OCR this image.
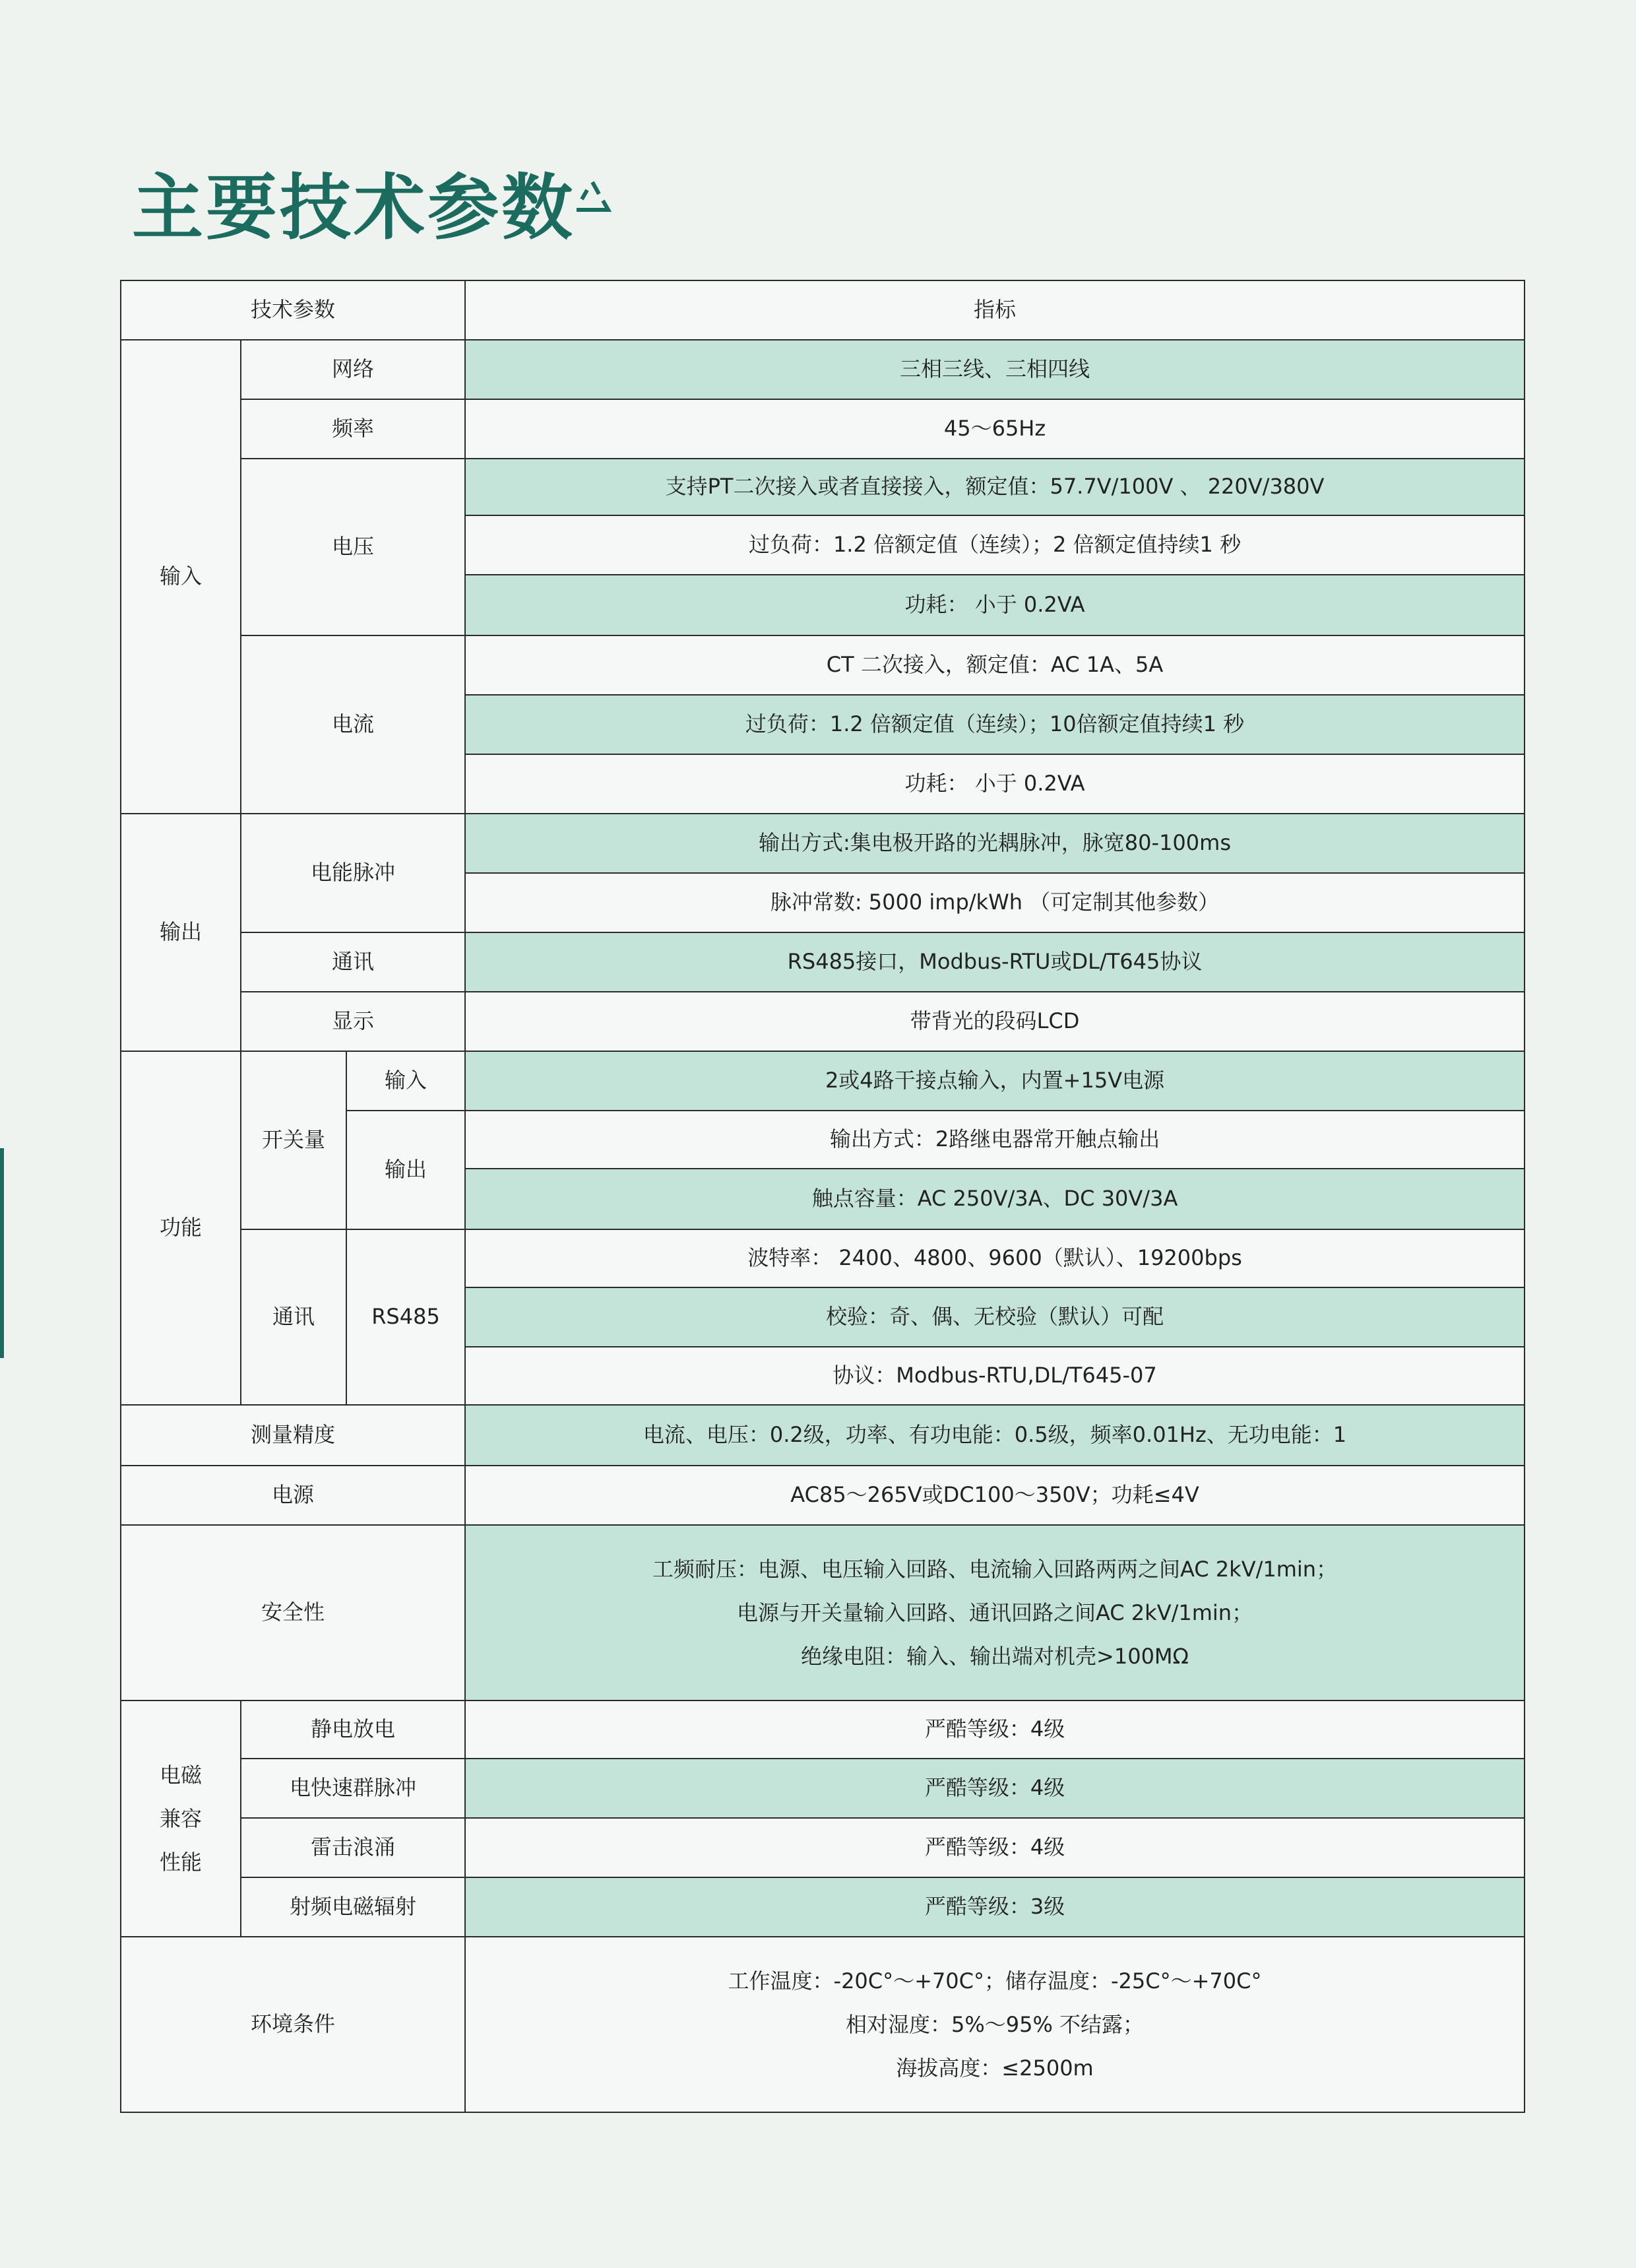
主要技术参数
技术参数			指标
输入	网络		三相三线、三相四线
	频率		45～65Hz
	电压		支持PT二次接入或者直接接入，额定值：57.7V/100V 、 220V/380V
			过负荷：1.2 倍额定值（连续）；2 倍额定值持续1 秒
			功耗： 小于 0.2VA
	电流		CT 二次接入，额定值：AC 1A、5A
			过负荷：1.2 倍额定值（连续）；10倍额定值持续1 秒
			功耗： 小于 0.2VA
输出	电能脉冲		输出方式:集电极开路的光耦脉冲，脉宽80-100ms
			脉冲常数: 5000 imp/kWh （可定制其他参数）
	通讯		RS485接口，Modbus-RTU或DL/T645协议
	显示		带背光的段码LCD
功能	开关量	输入	2或4路干接点输入，内置+15V电源
		输出	输出方式：2路继电器常开触点输出
			触点容量：AC 250V/3A、DC 30V/3A
	通讯	RS485	波特率： 2400、4800、9600（默认）、19200bps
			校验：奇、偶、无校验（默认）可配
			协议：Modbus-RTU,DL/T645-07
测量精度			电流、电压：0.2级，功率、有功电能：0.5级，频率0.01Hz、无功电能：1
电源			AC85～265V或DC100～350V；功耗≤4V
安全性			工频耐压：电源、电压输入回路、电流输入回路两两之间AC 2kV/1min；
电源与开关量输入回路、通讯回路之间AC 2kV/1min；
绝缘电阻：输入、输出端对机壳>100MΩ

电磁
兼容
性能	静电放电		严酷等级：4级
	电快速群脉冲		严酷等级：4级
	雷击浪涌		严酷等级：4级
	射频电磁辐射		严酷等级：3级
环境条件			工作温度：-20C°～+70C°；储存温度：-25C°～+70C°
相对湿度：5%～95% 不结露；
海拔高度：≤2500m
